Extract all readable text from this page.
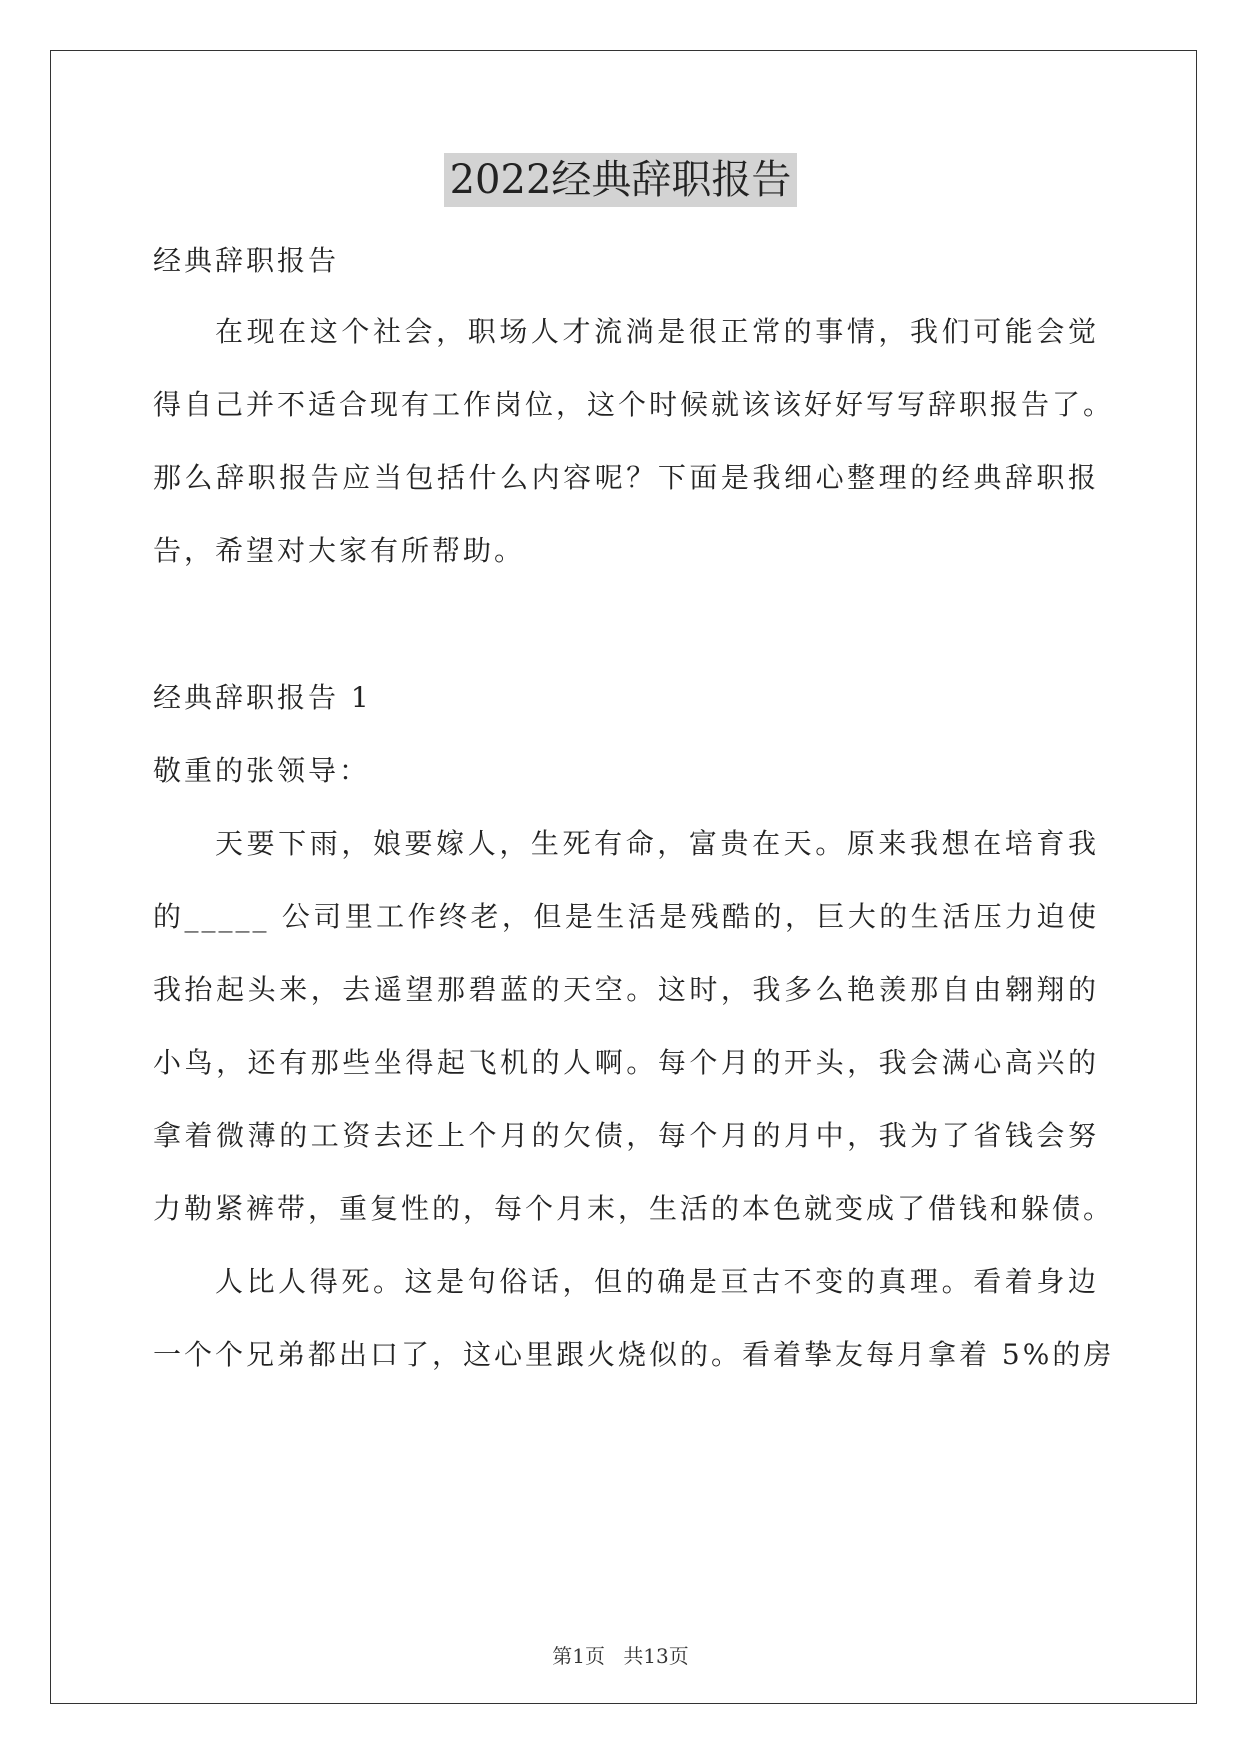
2022经典辞职报告
经典辞职报告
在现在这个社会，职场人才流淌是很正常的事情，我们可能会觉
得自己并不适合现有工作岗位，这个时候就该该好好写写辞职报告了。
那么辞职报告应当包括什么内容呢？下面是我细心整理的经典辞职报
告，希望对大家有所帮助。
经典辞职报告 1
敬重的张领导：
天要下雨，娘要嫁人，生死有命，富贵在天。原来我想在培育我
的_____ 公司里工作终老，但是生活是残酷的，巨大的生活压力迫使
我抬起头来，去遥望那碧蓝的天空。这时，我多么艳羡那自由翱翔的
小鸟，还有那些坐得起飞机的人啊。每个月的开头，我会满心高兴的
拿着微薄的工资去还上个月的欠债，每个月的月中，我为了省钱会努
力勒紧裤带，重复性的，每个月末，生活的本色就变成了借钱和躲债。
人比人得死。这是句俗话，但的确是亘古不变的真理。看着身边
一个个兄弟都出口了，这心里跟火烧似的。看着挚友每月拿着 5%的房
第1页 共13页
